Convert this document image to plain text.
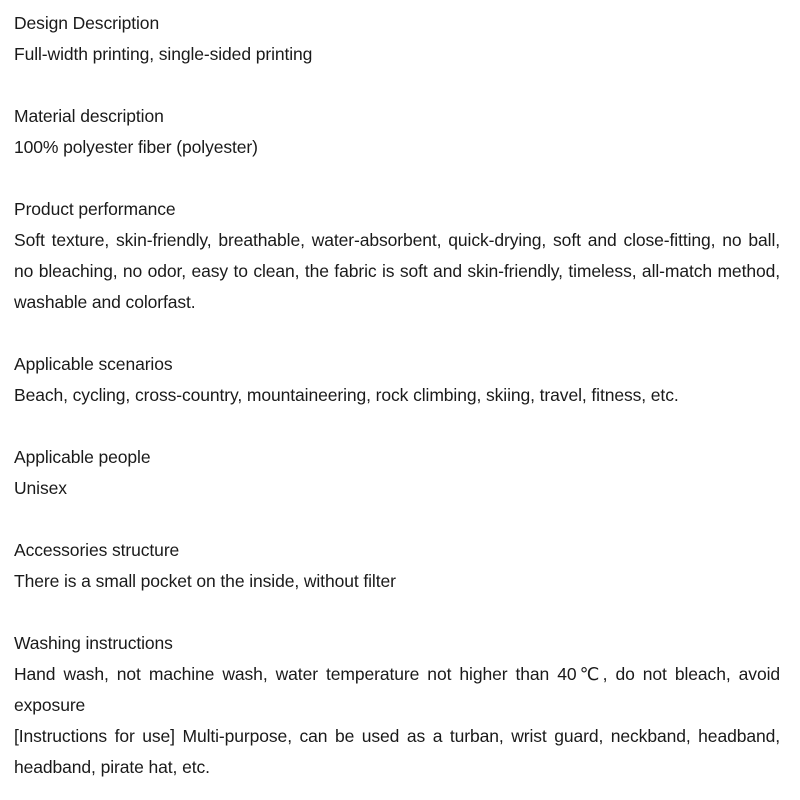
Design Description

Full-width printing, single-sided printing

Material description

100% polyester fiber (polyester)

Product performance

Soft texture, skin-friendly, breathable, water-absorbent, quick-drying, soft and close-fitting, no ball, no bleaching, no odor, easy to clean, the fabric is soft and skin-friendly, timeless, all-match method, washable and colorfast.

Applicable scenarios

Beach, cycling, cross-country, mountaineering, rock climbing, skiing, travel, fitness, etc.

Applicable people

Unisex

Accessories structure

There is a small pocket on the inside, without filter

Washing instructions

Hand wash, not machine wash, water temperature not higher than 40℃, do not bleach, avoid exposure

[Instructions for use] Multi-purpose, can be used as a turban, wrist guard, neckband, headband, headband, pirate hat, etc.
